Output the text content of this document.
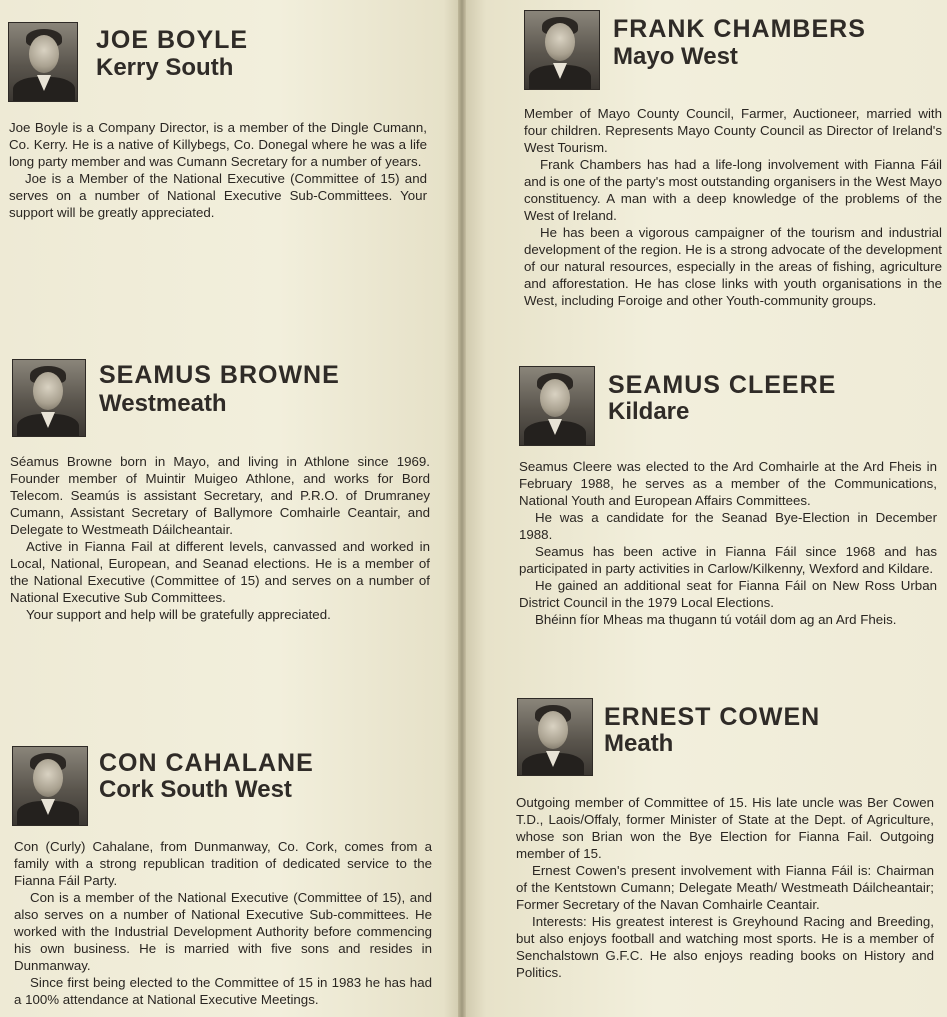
JOE BOYLE
Kerry South

Joe Boyle is a Company Director, is a member of the Dingle Cumann, Co. Kerry. He is a native of Killybegs, Co. Donegal where he was a life long party member and was Cumann Secretary for a number of years.

Joe is a Member of the National Executive (Committee of 15) and serves on a number of National Executive Sub-Committees. Your support will be greatly appreciated.

SEAMUS BROWNE
Westmeath

Séamus Browne born in Mayo, and living in Athlone since 1969. Founder member of Muintir Muigeo Athlone, and works for Bord Telecom. Seamús is assistant Secretary, and P.R.O. of Drumraney Cumann, Assistant Secretary of Ballymore Comhairle Ceantair, and Delegate to Westmeath Dáilcheantair.

Active in Fianna Fail at different levels, canvassed and worked in Local, National, European, and Seanad elections. He is a member of the National Executive (Committee of 15) and serves on a number of National Executive Sub Committees.

Your support and help will be gratefully appreciated.

CON CAHALANE
Cork South West

Con (Curly) Cahalane, from Dunmanway, Co. Cork, comes from a family with a strong republican tradition of dedicated service to the Fianna Fáil Party.

Con is a member of the National Executive (Committee of 15), and also serves on a number of National Executive Sub-committees. He worked with the Industrial Development Authority before commencing his own business. He is married with five sons and resides in Dunmanway.

Since first being elected to the Committee of 15 in 1983 he has had a 100% attendance at National Executive Meetings.

FRANK CHAMBERS
Mayo West

Member of Mayo County Council, Farmer, Auctioneer, married with four children. Represents Mayo County Council as Director of Ireland's West Tourism.

Frank Chambers has had a life-long involvement with Fianna Fáil and is one of the party's most outstanding organisers in the West Mayo constituency. A man with a deep knowledge of the problems of the West of Ireland.

He has been a vigorous campaigner of the tourism and industrial development of the region. He is a strong advocate of the development of our natural resources, especially in the areas of fishing, agriculture and afforestation. He has close links with youth organisations in the West, including Foroige and other Youth-community groups.

SEAMUS CLEERE
Kildare

Seamus Cleere was elected to the Ard Comhairle at the Ard Fheis in February 1988, he serves as a member of the Communications, National Youth and European Affairs Committees.

He was a candidate for the Seanad Bye-Election in December 1988.

Seamus has been active in Fianna Fáil since 1968 and has participated in party activities in Carlow/Kilkenny, Wexford and Kildare.

He gained an additional seat for Fianna Fáil on New Ross Urban District Council in the 1979 Local Elections.

Bhéinn fíor Mheas ma thugann tú votáil dom ag an Ard Fheis.

ERNEST COWEN
Meath

Outgoing member of Committee of 15. His late uncle was Ber Cowen T.D., Laois/Offaly, former Minister of State at the Dept. of Agriculture, whose son Brian won the Bye Election for Fianna Fail. Outgoing member of 15.

Ernest Cowen's present involvement with Fianna Fáil is: Chairman of the Kentstown Cumann; Delegate Meath/ Westmeath Dáilcheantair; Former Secretary of the Navan Comhairle Ceantair.

Interests: His greatest interest is Greyhound Racing and Breeding, but also enjoys football and watching most sports. He is a member of Senchalstown G.F.C. He also enjoys reading books on History and Politics.
